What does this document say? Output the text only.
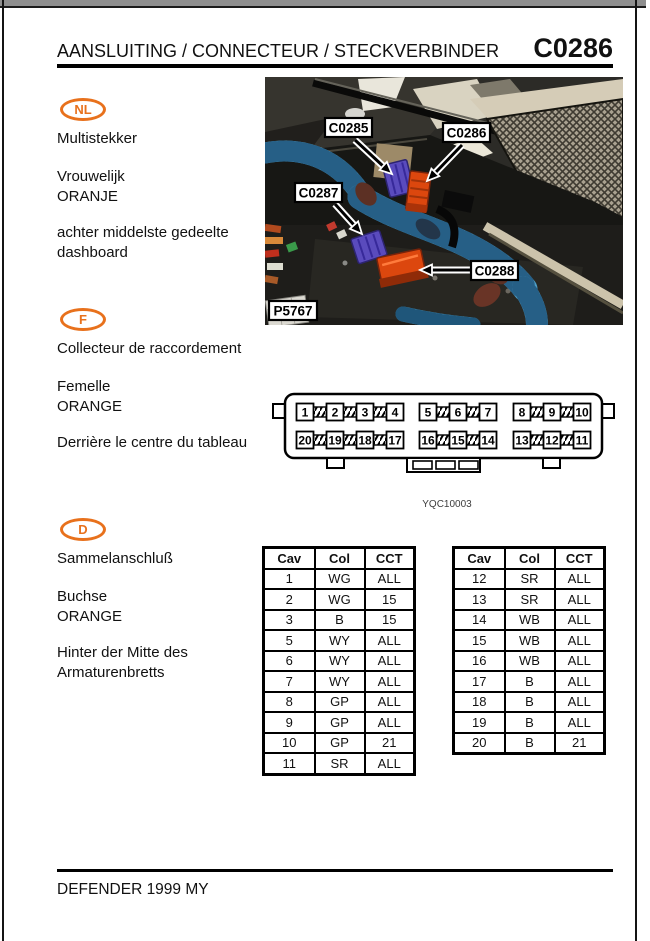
AANSLUITING / CONNECTEUR / STECKVERBINDER C0286
NL
Multistekker
Vrouwelijk
ORANJE
achter middelste gedeelte dashboard
F
Collecteur de raccordement
Femelle
ORANGE
Derrière le centre du tableau
D
Sammelanschluß
Buchse
ORANGE
Hinter der Mitte des Armaturenbretts
C0285	C0286
C0287
C0288
P5767
1 2 3 4 5 6 7 8 9 10
20 19 18 17 16 15 14 13 12 11
YQC10003
Cav	Col	CCT
1	WG	ALL
2	WG	15
3	B	15
5	WY	ALL
6	WY	ALL
7	WY	ALL
8	GP	ALL
9	GP	ALL
10	GP	21
11	SR	ALL
Cav	Col	CCT
12	SR	ALL
13	SR	ALL
14	WB	ALL
15	WB	ALL
16	WB	ALL
17	B	ALL
18	B	ALL
19	B	ALL
20	B	21
DEFENDER 1999 MY
